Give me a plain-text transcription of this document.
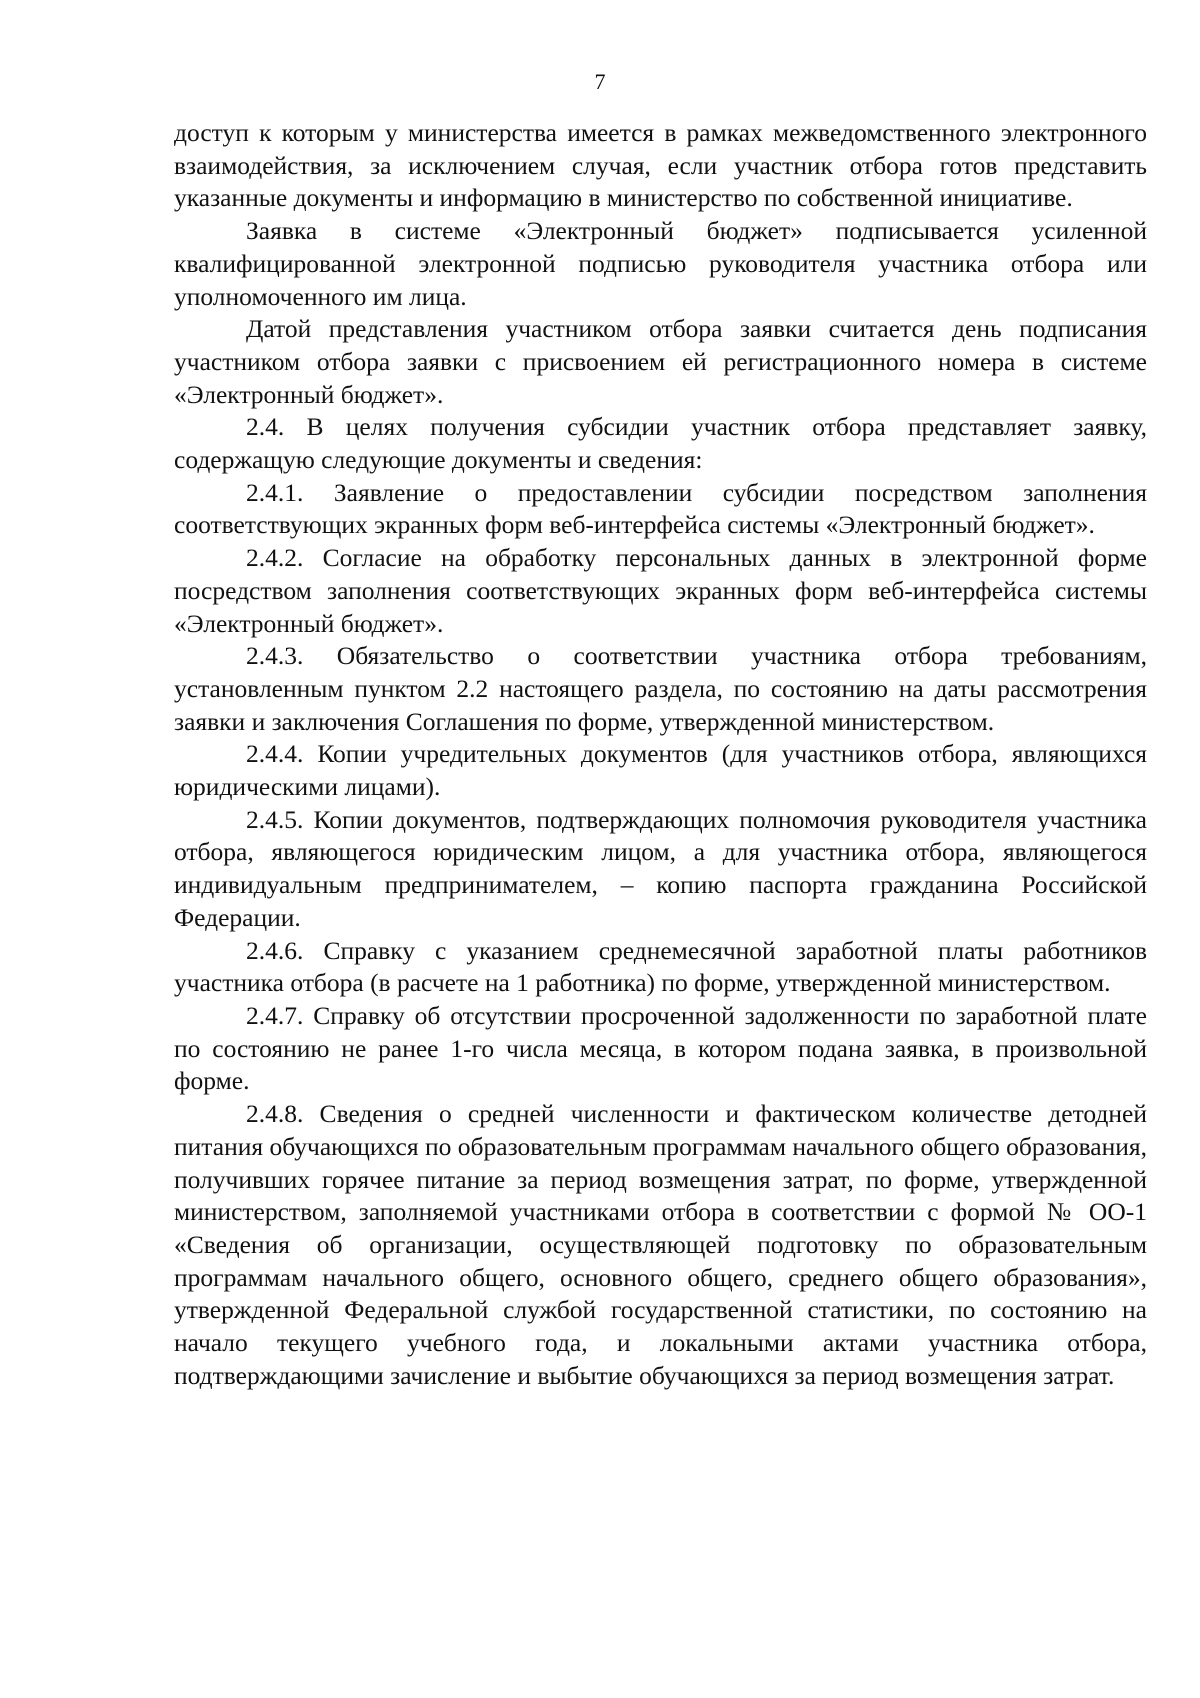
7

доступ к которым у министерства имеется в рамках межведомственного электронного взаимодействия, за исключением случая, если участник отбора готов представить указанные документы и информацию в министерство по собственной инициативе.

Заявка в системе «Электронный бюджет» подписывается усиленной квалифицированной электронной подписью руководителя участника отбора или уполномоченного им лица.

Датой представления участником отбора заявки считается день подписания участником отбора заявки с присвоением ей регистрационного номера в системе «Электронный бюджет».

2.4. В целях получения субсидии участник отбора представляет заявку, содержащую следующие документы и сведения:

2.4.1. Заявление о предоставлении субсидии посредством заполнения соответствующих экранных форм веб-интерфейса системы «Электронный бюджет».

2.4.2. Согласие на обработку персональных данных в электронной форме посредством заполнения соответствующих экранных форм веб-интерфейса системы «Электронный бюджет».

2.4.3. Обязательство о соответствии участника отбора требованиям, установленным пунктом 2.2 настоящего раздела, по состоянию на даты рассмотрения заявки и заключения Соглашения по форме, утвержденной министерством.

2.4.4. Копии учредительных документов (для участников отбора, являющихся юридическими лицами).

2.4.5. Копии документов, подтверждающих полномочия руководителя участника отбора, являющегося юридическим лицом, а для участника отбора, являющегося индивидуальным предпринимателем, – копию паспорта гражданина Российской Федерации.

2.4.6. Справку с указанием среднемесячной заработной платы работников участника отбора (в расчете на 1 работника) по форме, утвержденной министерством.

2.4.7. Справку об отсутствии просроченной задолженности по заработной плате по состоянию не ранее 1-го числа месяца, в котором подана заявка, в произвольной форме.

2.4.8. Сведения о средней численности и фактическом количестве детодней питания обучающихся по образовательным программам начального общего образования, получивших горячее питание за период возмещения затрат, по форме, утвержденной министерством, заполняемой участниками отбора в соответствии с формой № ОО-1 «Сведения об организации, осуществляющей подготовку по образовательным программам начального общего, основного общего, среднего общего образования», утвержденной Федеральной службой государственной статистики, по состоянию на начало текущего учебного года, и локальными актами участника отбора, подтверждающими зачисление и выбытие обучающихся за период возмещения затрат.
